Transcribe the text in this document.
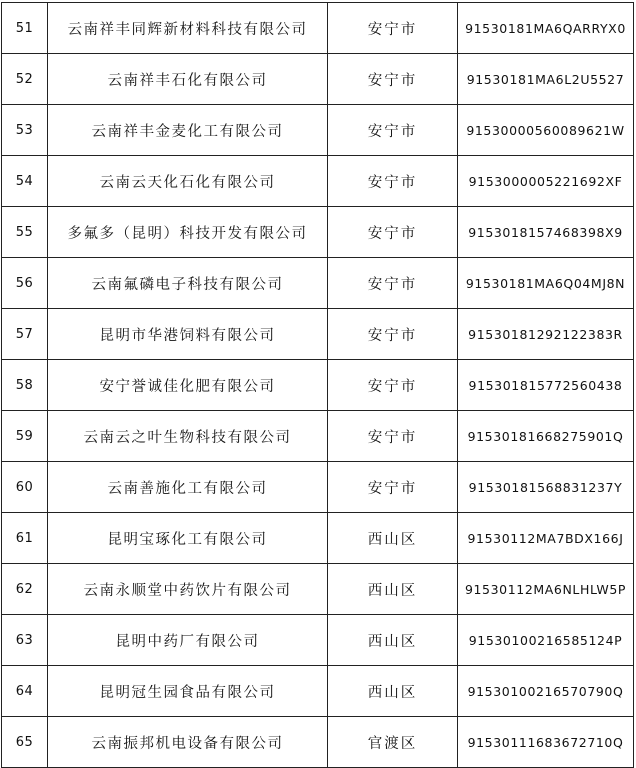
51	云南祥丰同辉新材料科技有限公司	安宁市	91530181MA6QARRYX0
52	云南祥丰石化有限公司	安宁市	91530181MA6L2U5527
53	云南祥丰金麦化工有限公司	安宁市	915300005600896​21W
54	云南云天化石化有限公司	安宁市	9153000005221692XF
55	多氟多（昆明）科技开发有限公司	安宁市	915301815746​8398X9
56	云南氟磷电子科技有限公司	安宁市	91530181MA6Q04MJ8N
57	昆明市华港饲料有限公司	安宁市	915301812921​22383R
58	安宁誉诚佳化肥有限公司	安宁市	915301815772560438
59	云南云之叶生物科技有限公司	安宁市	91530181668275901Q
60	云南善施化工有限公司	安宁市	91530181568831237Y
61	昆明宝琢化工有限公司	西山区	91530112MA7BDX166J
62	云南永顺堂中药饮片有限公司	西山区	91530112MA6NLHLW5P
63	昆明中药厂有限公司	西山区	915301002165851​24P
64	昆明冠生园食品有限公司	西山区	91530100216570790Q
65	云南振邦机电设备有限公司	官渡区	915301116836727​10Q
